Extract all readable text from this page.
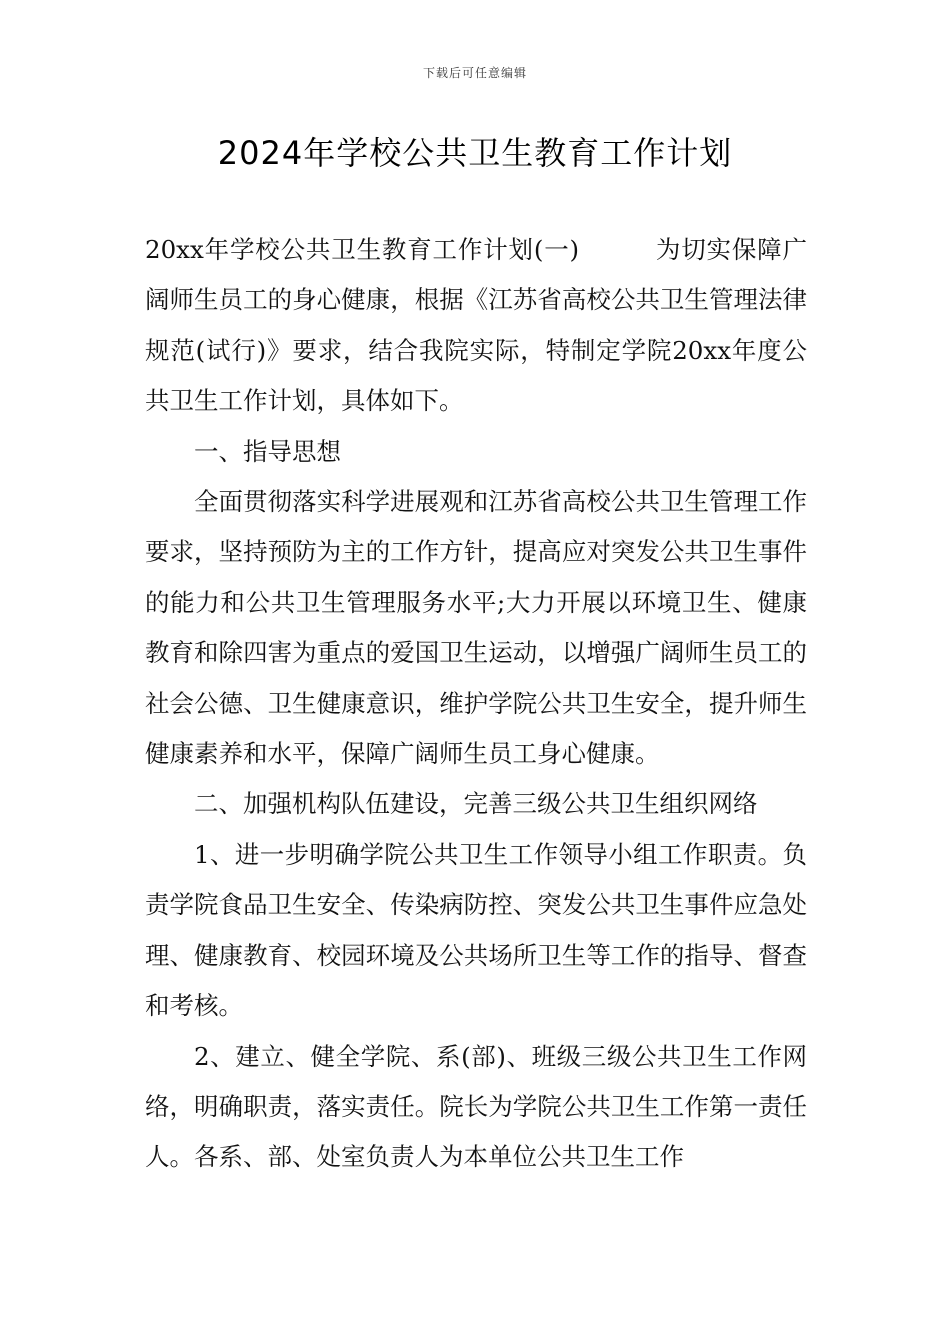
下载后可任意编辑
2024年学校公共卫生教育工作计划

20xx年学校公共卫生教育工作计划(一)	为切实保障广阔师生员工的身心健康，根据《江苏省高校公共卫生管理法律规范(试行)》要求，结合我院实际，特制定学院20xx年度公共卫生工作计划，具体如下。

一、指导思想

全面贯彻落实科学进展观和江苏省高校公共卫生管理工作要求，坚持预防为主的工作方针，提高应对突发公共卫生事件的能力和公共卫生管理服务水平;大力开展以环境卫生、健康教育和除四害为重点的爱国卫生运动，以增强广阔师生员工的社会公德、卫生健康意识，维护学院公共卫生安全，提升师生健康素养和水平，保障广阔师生员工身心健康。

二、加强机构队伍建设，完善三级公共卫生组织网络

1、进一步明确学院公共卫生工作领导小组工作职责。负责学院食品卫生安全、传染病防控、突发公共卫生事件应急处理、健康教育、校园环境及公共场所卫生等工作的指导、督查和考核。

2、建立、健全学院、系(部)、班级三级公共卫生工作网络，明确职责，落实责任。院长为学院公共卫生工作第一责任人。各系、部、处室负责人为本单位公共卫生工作
